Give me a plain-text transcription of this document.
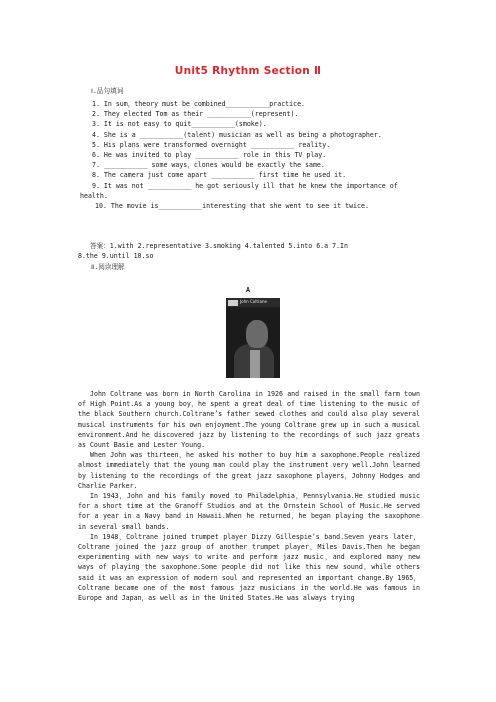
Unit5 Rhythm Section Ⅱ
Ⅰ.品句填词
1. In sum，theory must be combined___________practice.
2. They elected Tom as their ___________(represent).
3. It is not easy to quit___________(smoke).
4. She is a ___________(talent) musician as well as being a photographer.
5. His plans were transformed overnight ___________ reality.
6. He was invited to play ___________ role in this TV play.
7. ___________ some ways，clones would be exactly the same.
8. The camera just come apart ___________ first time he used it.
9. It was not ___________ he got seriously ill that he knew the importance of
health.
10. The movie is___________interesting that she went to see it twice.
答案：1.with 2.representative 3.smoking 4.talented 5.into 6.a 7.In
8.the 9.until 10.so
Ⅱ.阅读理解
A
John Coltrane

John Coltrane was born in North Carolina in 1926 and raised in the small farm town of High Point.As a young boy，he spent a great deal of time listening to the music of the black Southern church.Coltrane’s father sewed clothes and could also play several musical instruments for his own enjoyment.The young Coltrane grew up in such a musical environment.And he discovered jazz by listening to the recordings of such jazz greats as Count Basie and Lester Young.

When John was thirteen，he asked his mother to buy him a saxophone.People realized almost immediately that the young man could play the instrument very well.John learned by listening to the recordings of the great jazz saxophone players，Johnny Hodges and Charlie Parker.

In 1943，John and his family moved to Philadelphia，Pennsylvania.He studied music for a short time at the Granoff Studios and at the Ornstein School of Music.He served for a year in a Navy band in Hawaii.When he returned，he began playing the saxophone in several small bands.

In 1948，Coltrane joined trumpet player Dizzy Gillespie’s band.Seven years later，Coltrane joined the jazz group of another trumpet player，Miles Davis.Then he began experimenting with new ways to write and perform jazz music，and explored many new ways of playing the saxophone.Some people did not like this new sound，while others said it was an expression of modern soul and represented an important change.By 1965，Coltrane became one of the most famous jazz musicians in the world.He was famous in Europe and Japan，as well as in the United States.He was always trying
